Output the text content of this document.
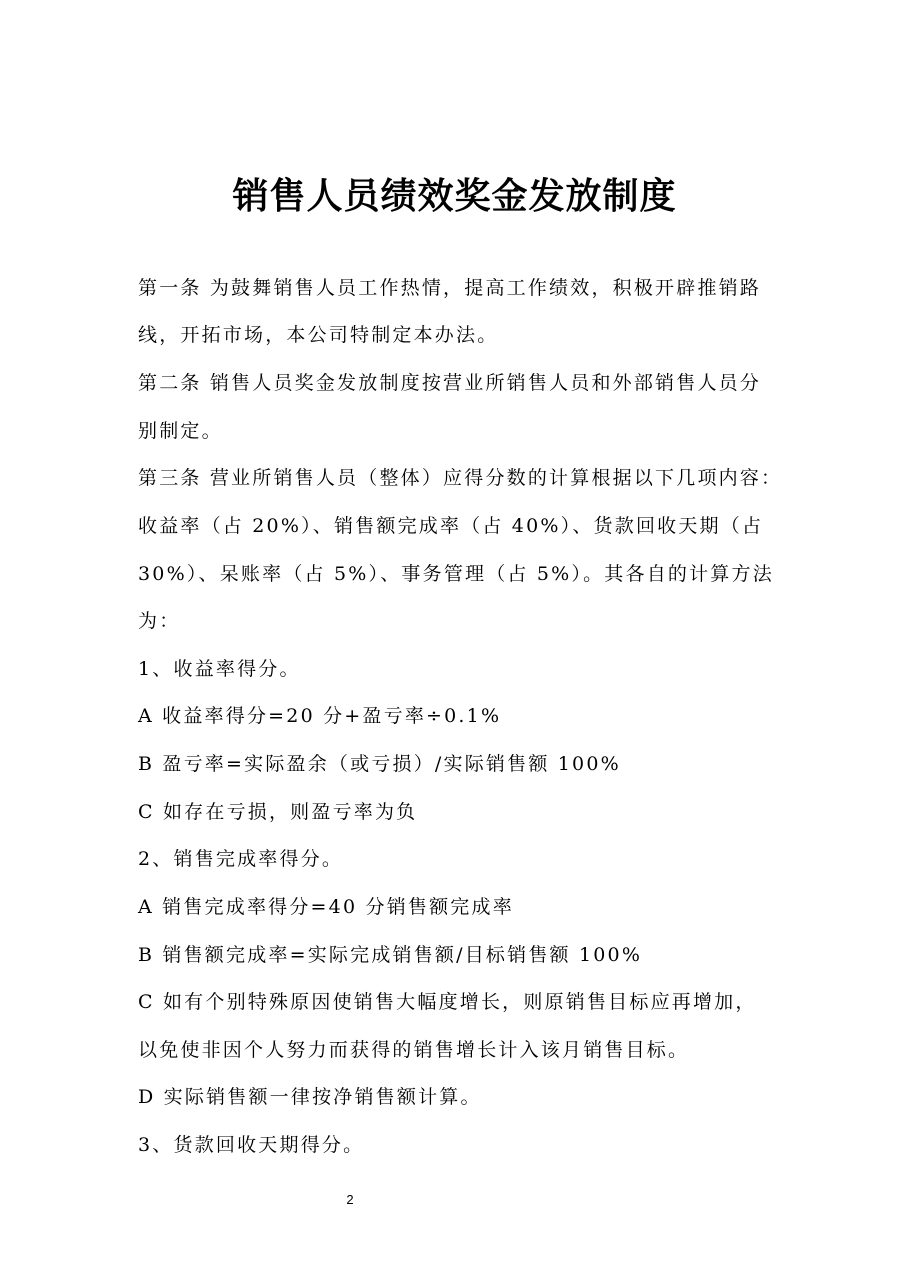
销售人员绩效奖金发放制度
第一条 为鼓舞销售人员工作热情，提高工作绩效，积极开辟推销路
线，开拓市场，本公司特制定本办法。
第二条 销售人员奖金发放制度按营业所销售人员和外部销售人员分
别制定。
第三条 营业所销售人员（整体）应得分数的计算根据以下几项内容：
收益率（占 20%）、销售额完成率（占 40%）、货款回收天期（占
30%）、呆账率（占 5%）、事务管理（占 5%）。其各自的计算方法
为：
1、收益率得分。
A 收益率得分=20 分+盈亏率÷0.1%
B 盈亏率=实际盈余（或亏损）/实际销售额 100%
C 如存在亏损，则盈亏率为负
2、销售完成率得分。
A 销售完成率得分=40 分销售额完成率
B 销售额完成率=实际完成销售额/目标销售额 100%
C 如有个别特殊原因使销售大幅度增长，则原销售目标应再增加，
以免使非因个人努力而获得的销售增长计入该月销售目标。
D 实际销售额一律按净销售额计算。
3、货款回收天期得分。
2
